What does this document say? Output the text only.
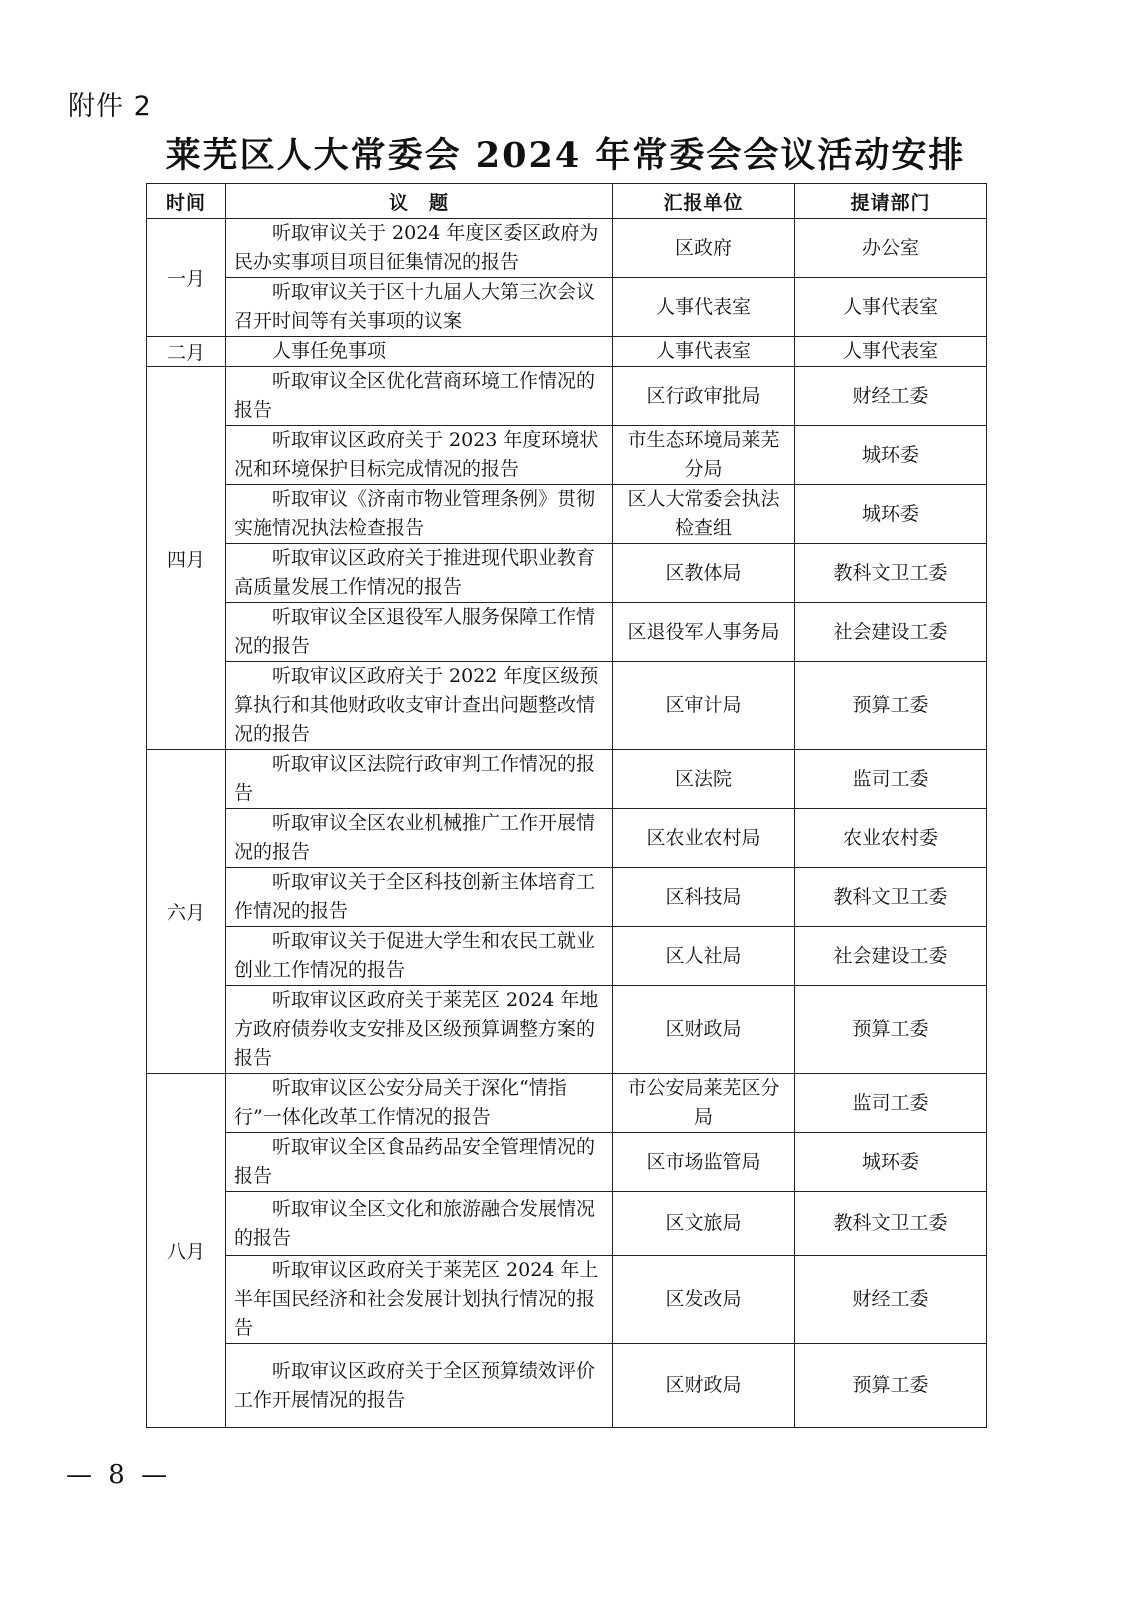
附件 2
莱芜区人大常委会 2024 年常委会会议活动安排
时间	议　题	汇报单位	提请部门
一月	听取审议关于 2024 年度区委区政府为民办实事项目项目征集情况的报告	区政府	办公室
	听取审议关于区十九届人大第三次会议召开时间等有关事项的议案	人事代表室	人事代表室
二月	人事任免事项	人事代表室	人事代表室
四月	听取审议全区优化营商环境工作情况的报告	区行政审批局	财经工委
	听取审议区政府关于 2023 年度环境状况和环境保护目标完成情况的报告	市生态环境局莱芜分局	城环委
	听取审议《济南市物业管理条例》贯彻实施情况执法检查报告	区人大常委会执法检查组	城环委
	听取审议区政府关于推进现代职业教育高质量发展工作情况的报告	区教体局	教科文卫工委
	听取审议全区退役军人服务保障工作情况的报告	区退役军人事务局	社会建设工委
	听取审议区政府关于 2022 年度区级预算执行和其他财政收支审计查出问题整改情况的报告	区审计局	预算工委
六月	听取审议区法院行政审判工作情况的报告	区法院	监司工委
	听取审议全区农业机械推广工作开展情况的报告	区农业农村局	农业农村委
	听取审议关于全区科技创新主体培育工作情况的报告	区科技局	教科文卫工委
	听取审议关于促进大学生和农民工就业创业工作情况的报告	区人社局	社会建设工委
	听取审议区政府关于莱芜区 2024 年地方政府债券收支安排及区级预算调整方案的报告	区财政局	预算工委
八月	听取审议区公安分局关于深化“情指行”一体化改革工作情况的报告	市公安局莱芜区分局	监司工委
	听取审议全区食品药品安全管理情况的报告	区市场监管局	城环委
	听取审议全区文化和旅游融合发展情况的报告	区文旅局	教科文卫工委
	听取审议区政府关于莱芜区 2024 年上半年国民经济和社会发展计划执行情况的报告	区发改局	财经工委
	听取审议区政府关于全区预算绩效评价工作开展情况的报告	区财政局	预算工委
— 8 —
